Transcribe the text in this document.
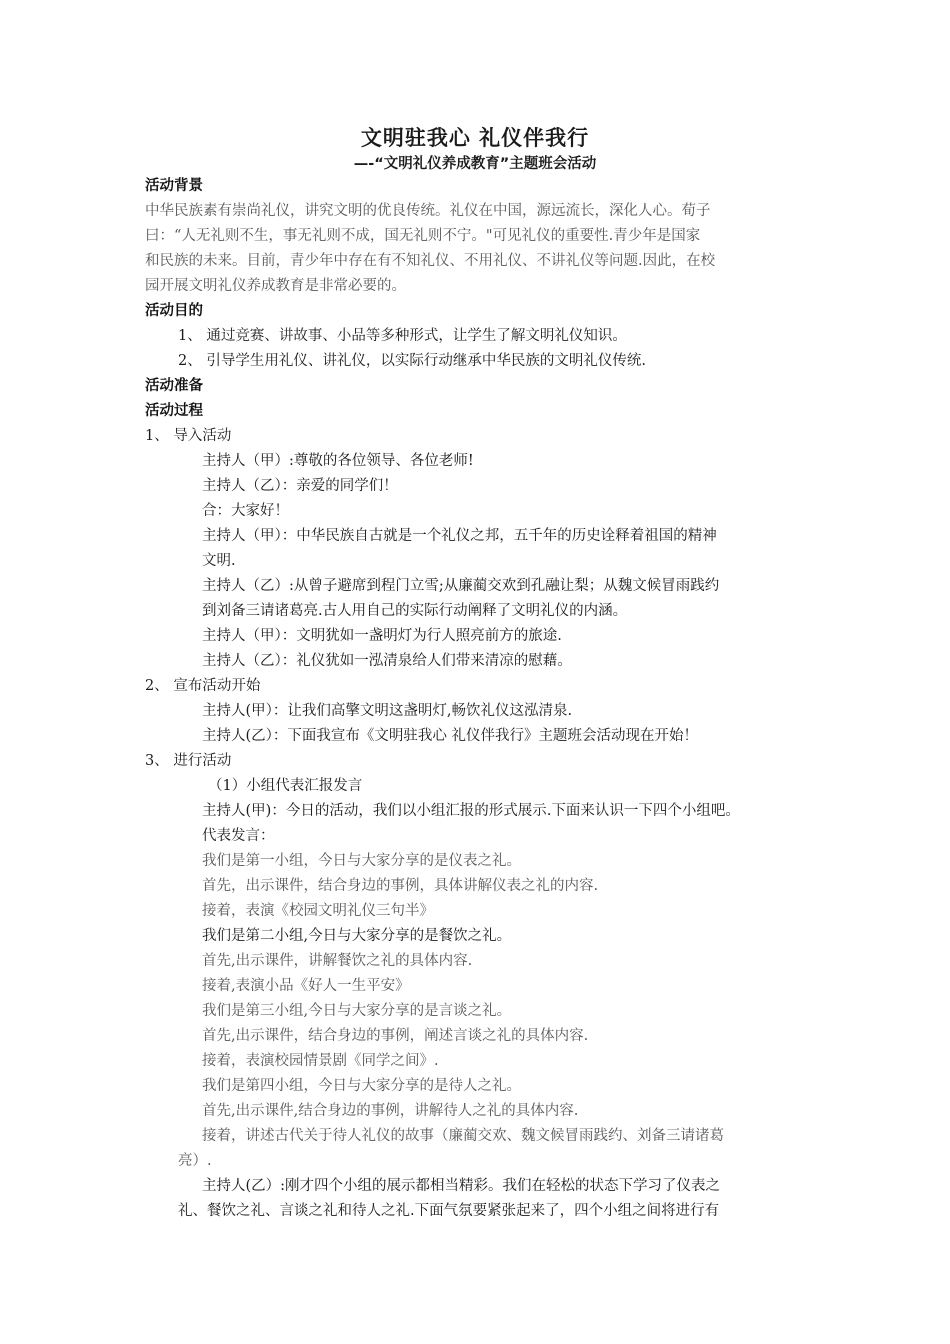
文明驻我心 礼仪伴我行
—-“文明礼仪养成教育”主题班会活动
活动背景
中华民族素有崇尚礼仪，讲究文明的优良传统。礼仪在中国，源远流长，深化人心。荀子
曰：“人无礼则不生，事无礼则不成，国无礼则不宁。"可见礼仪的重要性.青少年是国家
和民族的未来。目前，青少年中存在有不知礼仪、不用礼仪、不讲礼仪等问题.因此，在校
园开展文明礼仪养成教育是非常必要的。
活动目的
1、 通过竞赛、讲故事、小品等多种形式，让学生了解文明礼仪知识。
2、 引导学生用礼仪、讲礼仪，以实际行动继承中华民族的文明礼仪传统.
活动准备
活动过程
1、 导入活动
主持人（甲）:尊敬的各位领导、各位老师!
主持人（乙）：亲爱的同学们！
合：大家好！
主持人（甲）：中华民族自古就是一个礼仪之邦，五千年的历史诠释着祖国的精神
文明.
主持人（乙）:从曾子避席到程门立雪;从廉蔺交欢到孔融让梨；从魏文候冒雨践约
到刘备三请诸葛亮.古人用自己的实际行动阐释了文明礼仪的内涵。
主持人（甲）：文明犹如一盏明灯为行人照亮前方的旅途.
主持人（乙）：礼仪犹如一泓清泉给人们带来清凉的慰藉。
2、 宣布活动开始
主持人(甲）：让我们高擎文明这盏明灯,畅饮礼仪这泓清泉.
主持人(乙）：下面我宣布《文明驻我心 礼仪伴我行》主题班会活动现在开始！
3、 进行活动
（1）小组代表汇报发言
主持人(甲)：今日的活动，我们以小组汇报的形式展示.下面来认识一下四个小组吧。
代表发言：
我们是第一小组，今日与大家分享的是仪表之礼。
首先，出示课件，结合身边的事例，具体讲解仪表之礼的内容.
接着，表演《校园文明礼仪三句半》
我们是第二小组,今日与大家分享的是餐饮之礼。
首先,出示课件，讲解餐饮之礼的具体内容.
接着,表演小品《好人一生平安》
我们是第三小组,今日与大家分享的是言谈之礼。
首先,出示课件，结合身边的事例，阐述言谈之礼的具体内容.
接着，表演校园情景剧《同学之间》.
我们是第四小组，今日与大家分享的是待人之礼。
首先,出示课件,结合身边的事例，讲解待人之礼的具体内容.
接着，讲述古代关于待人礼仪的故事（廉蔺交欢、魏文候冒雨践约、刘备三请诸葛
亮）.
主持人(乙）:刚才四个小组的展示都相当精彩。我们在轻松的状态下学习了仪表之
礼、餐饮之礼、言谈之礼和待人之礼.下面气氛要紧张起来了，四个小组之间将进行有
